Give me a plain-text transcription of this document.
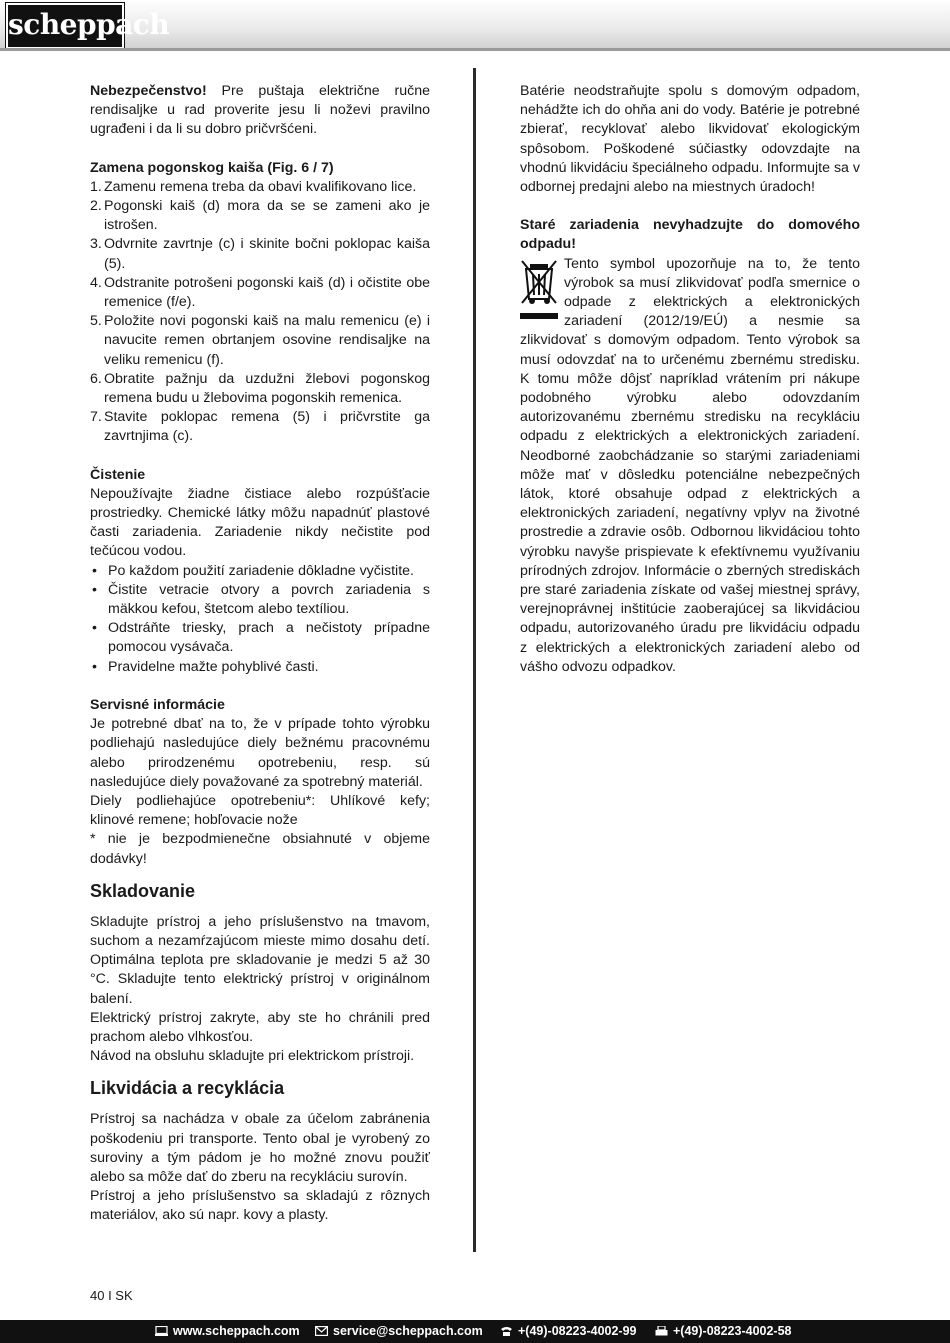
scheppach

Nebezpečenstvo! Pre puštaja električne ručne rendisaljke u rad proverite jesu li noževi pravilno ugrađeni i da li su dobro pričvršćeni.

Zamena pogonskog kaiša (Fig. 6 / 7)

1. Zamenu remena treba da obavi kvalifikovano lice.
2. Pogonski kaiš (d) mora da se se zameni ako je istrošen.
3. Odvrnite zavrtnje (c) i skinite bočni poklopac kaiša (5).
4. Odstranite potrošeni pogonski kaiš (d) i očistite obe remenice (f/e).
5. Položite novi pogonski kaiš na malu remenicu (e) i navucite remen obrtanjem osovine rendisaljke na veliku remenicu (f).
6. Obratite pažnju da uzdužni žlebovi pogonskog remena budu u žlebovima pogonskih remenica.
7. Stavite poklopac remena (5) i pričvrstite ga zavrtnjima (c).

Čistenie

Nepoužívajte žiadne čistiace alebo rozpúšťacie prostriedky. Chemické látky môžu napadnúť plastové časti zariadenia. Zariadenie nikdy nečistite pod tečúcou vodou.

• Po každom použití zariadenie dôkladne vyčistite.
• Čistite vetracie otvory a povrch zariadenia s mäkkou kefou, štetcom alebo textíliou.
• Odstráňte triesky, prach a nečistoty prípadne pomocou vysávača.
• Pravidelne mažte pohyblivé časti.

Servisné informácie

Je potrebné dbať na to, že v prípade tohto výrobku podliehajú nasledujúce diely bežnému pracovnému alebo prirodzenému opotrebeniu, resp. sú nasledujúce diely považované za spotrebný materiál.

Diely podliehajúce opotrebeniu*: Uhlíkové kefy; klinové remene; hobľovacie nože

* nie je bezpodmienečne obsiahnuté v objeme dodávky!

Skladovanie

Skladujte prístroj a jeho príslušenstvo na tmavom, suchom a nezamŕzajúcom mieste mimo dosahu detí. Optimálna teplota pre skladovanie je medzi 5 až 30 °C. Skladujte tento elektrický prístroj v originálnom balení.

Elektrický prístroj zakryte, aby ste ho chránili pred prachom alebo vlhkosťou.

Návod na obsluhu skladujte pri elektrickom prístroji.

Likvidácia a recyklácia

Prístroj sa nachádza v obale za účelom zabránenia poškodeniu pri transporte. Tento obal je vyrobený zo suroviny a tým pádom je ho možné znovu použiť alebo sa môže dať do zberu na recykláciu surovín.

Prístroj a jeho príslušenstvo sa skladajú z rôznych materiálov, ako sú napr. kovy a plasty.

Batérie neodstraňujte spolu s domovým odpadom, nehádžte ich do ohňa ani do vody. Batérie je potrebné zbierať, recyklovať alebo likvidovať ekologickým spôsobom. Poškodené súčiastky odovzdajte na vhodnú likvidáciu špeciálneho odpadu. Informujte sa v odbornej predajni alebo na miestnych úradoch!

Staré zariadenia nevyhadzujte do domového odpadu!

Tento symbol upozorňuje na to, že tento výrobok sa musí zlikvidovať podľa smernice o odpade z elektrických a elektronických zariadení (2012/19/EÚ) a nesmie sa zlikvidovať s domovým odpadom. Tento výrobok sa musí odovzdať na to určenému zbernému stredisku. K tomu môže dôjsť napríklad vrátením pri nákupe podobného výrobku alebo odovzdaním autorizovanému zbernému stredisku na recykláciu odpadu z elektrických a elektronických zariadení. Neodborné zaobchádzanie so starými zariadeniami môže mať v dôsledku potenciálne nebezpečných látok, ktoré obsahuje odpad z elektrických a elektronických zariadení, negatívny vplyv na životné prostredie a zdravie osôb. Odbornou likvidáciou tohto výrobku navyše prispievate k efektívnemu využívaniu prírodných zdrojov. Informácie o zberných strediskách pre staré zariadenia získate od vašej miestnej správy, verejnoprávnej inštitúcie zaoberajúcej sa likvidáciou odpadu, autorizovaného úradu pre likvidáciu odpadu z elektrických a elektronických zariadení alebo od vášho odvozu odpadkov.

40 I SK
www.scheppach.com	service@scheppach.com	+(49)-08223-4002-99	+(49)-08223-4002-58
